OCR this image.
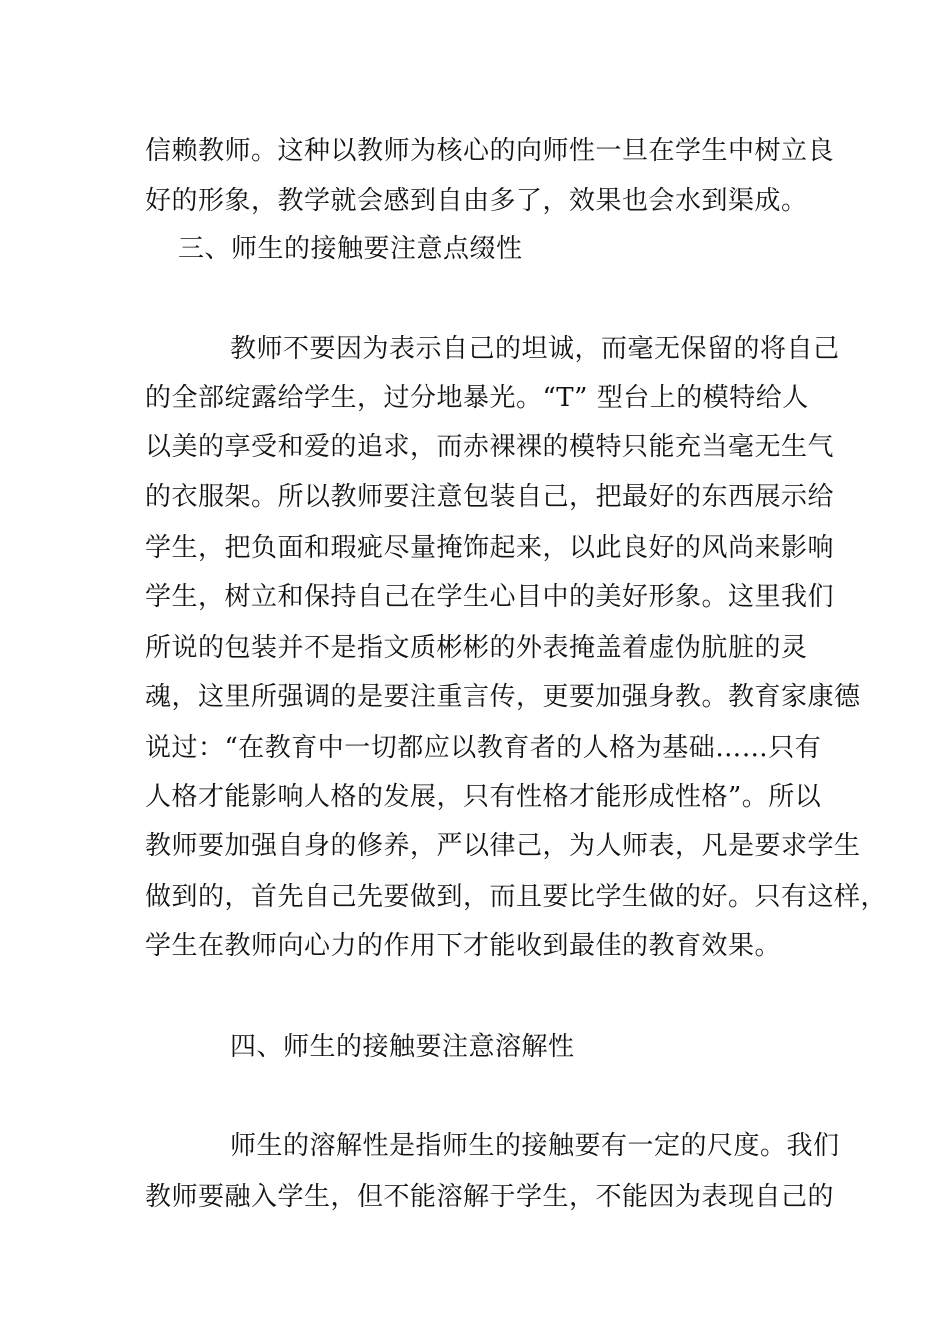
信赖教师。这种以教师为核心的向师性一旦在学生中树立良
好的形象，教学就会感到自由多了，效果也会水到渠成。
三、师生的接触要注意点缀性
教师不要因为表示自己的坦诚，而毫无保留的将自己
的全部绽露给学生，过分地暴光。“T” 型台上的模特给人
以美的享受和爱的追求，而赤裸裸的模特只能充当毫无生气
的衣服架。所以教师要注意包装自己，把最好的东西展示给
学生，把负面和瑕疵尽量掩饰起来，以此良好的风尚来影响
学生，树立和保持自己在学生心目中的美好形象。这里我们
所说的包装并不是指文质彬彬的外表掩盖着虚伪肮脏的灵
魂，这里所强调的是要注重言传，更要加强身教。教育家康德
说过：“在教育中一切都应以教育者的人格为基础……只有
人格才能影响人格的发展，只有性格才能形成性格”。所以
教师要加强自身的修养，严以律己，为人师表，凡是要求学生
做到的，首先自己先要做到，而且要比学生做的好。只有这样，
学生在教师向心力的作用下才能收到最佳的教育效果。
四、师生的接触要注意溶解性
师生的溶解性是指师生的接触要有一定的尺度。我们
教师要融入学生，但不能溶解于学生，不能因为表现自己的
